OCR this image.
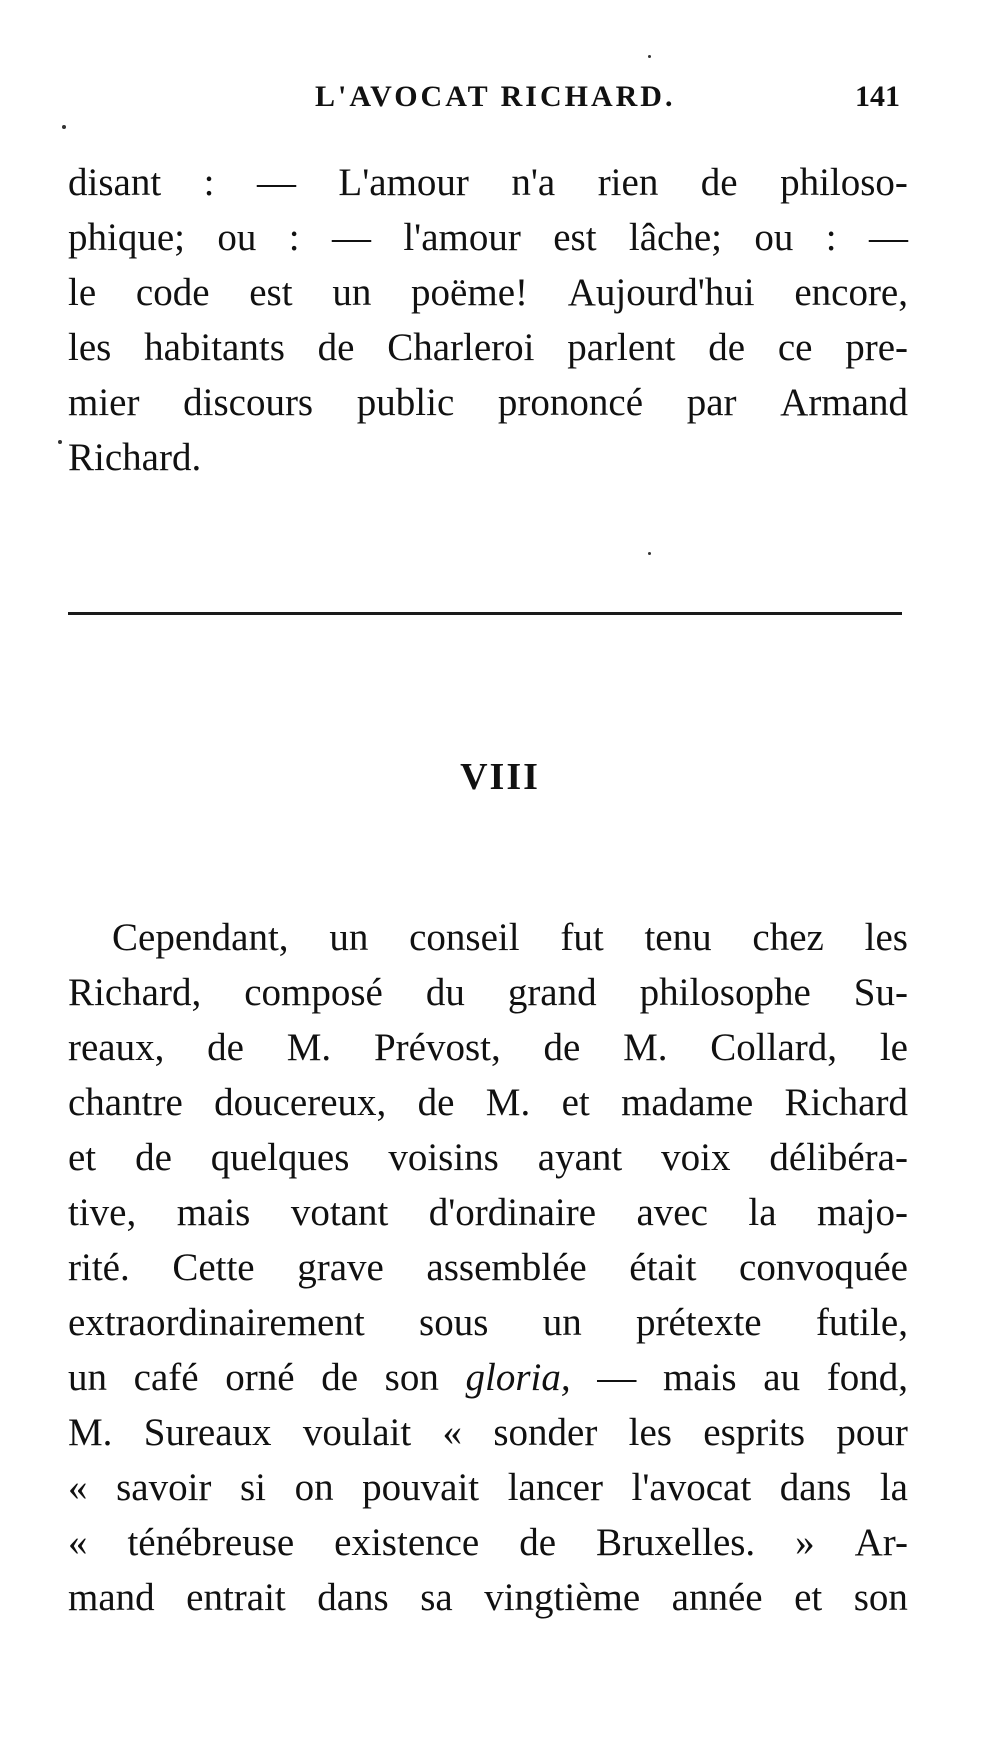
L'AVOCAT RICHARD.	141
disant : — L'amour n'a rien de philoso-
phique; ou : — l'amour est lâche; ou : —
le code est un poëme! Aujourd'hui encore,
les habitants de Charleroi parlent de ce pre-
mier discours public prononcé par Armand
Richard.
VIII
Cependant, un conseil fut tenu chez les
Richard, composé du grand philosophe Su-
reaux, de M. Prévost, de M. Collard, le
chantre doucereux, de M. et madame Richard
et de quelques voisins ayant voix délibéra-
tive, mais votant d'ordinaire avec la majo-
rité. Cette grave assemblée était convoquée
extraordinairement sous un prétexte futile,
un café orné de son gloria, — mais au fond,
M. Sureaux voulait « sonder les esprits pour
« savoir si on pouvait lancer l'avocat dans la
« ténébreuse existence de Bruxelles. » Ar-
mand entrait dans sa vingtième année et son
